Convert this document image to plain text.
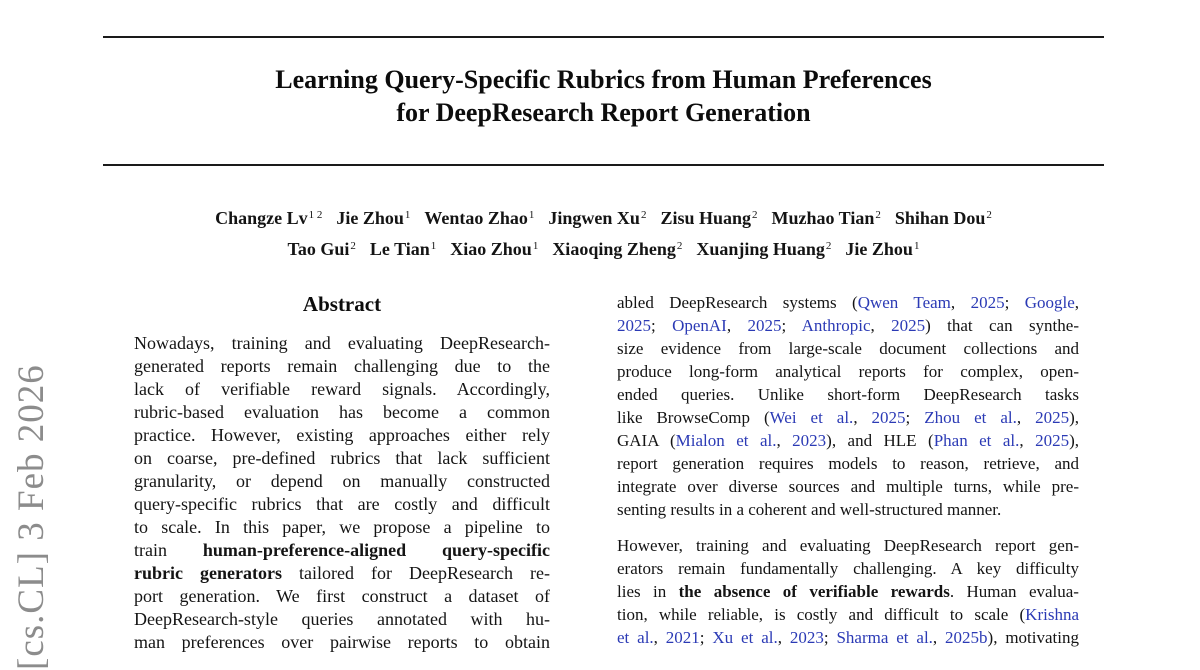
[cs.CL] 3 Feb 2026
Learning Query-Specific Rubrics from Human Preferences
for DeepResearch Report Generation
Changze $Lv^{1 2}$ Jie Zhou$^1$ Wentao Zhao$^1$ Jingwen Xu$^2$ Zisu Huang$^2$ Muzhao Tian$^2$ Shihan Dou$^2$
Tao Gui$^2$ Le Tian$^1$ Xiao Zhou$^1$ Xiaoqing Zheng$^2$ Xuanjing Huang$^2$ Jie Zhou$^1$
Abstract
Nowadays, training and evaluating DeepResearch-
generated reports remain challenging due to the
lack of verifiable reward signals. Accordingly,
rubric-based evaluation has become a common
practice. However, existing approaches either rely
on coarse, pre-defined rubrics that lack sufficient
granularity, or depend on manually constructed
query-specific rubrics that are costly and difficult
to scale. In this paper, we propose a pipeline to
train human-preference-aligned query-specific
rubric generators tailored for DeepResearch re-
port generation. We first construct a dataset of
DeepResearch-style queries annotated with hu-
man preferences over pairwise reports to obtain
abled DeepResearch systems (Qwen Team, 2025; Google,
2025; OpenAI, 2025; Anthropic, 2025) that can synthe-
size evidence from large-scale document collections and
produce long-form analytical reports for complex, open-
ended queries. Unlike short-form DeepResearch tasks
like BrowseComp (Wei et al., 2025; Zhou et al., 2025),
GAIA (Mialon et al., 2023), and HLE (Phan et al., 2025),
report generation requires models to reason, retrieve, and
integrate over diverse sources and multiple turns, while pre-
senting results in a coherent and well-structured manner.
However, training and evaluating DeepResearch report gen-
erators remain fundamentally challenging. A key difficulty
lies in the absence of verifiable rewards. Human evalua-
tion, while reliable, is costly and difficult to scale (Krishna
et al., 2021; Xu et al., 2023; Sharma et al., 2025b), motivating
